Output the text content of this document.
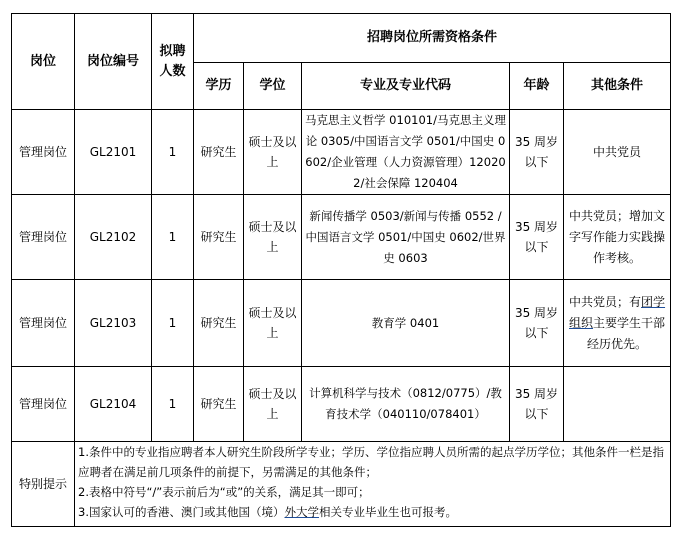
岗位	岗位编号	拟聘人数	招聘岗位所需资格条件				
			学历	学位	专业及专业代码	年龄	其他条件
管理岗位	GL2101	1	研究生	硕士及以上	马克思主义哲学 010101/马克思主义理论 0305/中国语言文学 0501/中国史 0602/企业管理（人力资源管理）120202/社会保障 120404	35 周岁以下	中共党员
管理岗位	GL2102	1	研究生	硕士及以上	新闻传播学 0503/新闻与传播 0552 /中国语言文学 0501/中国史 0602/世界史 0603	35 周岁以下	中共党员；增加文字写作能力实践操作考核。
管理岗位	GL2103	1	研究生	硕士及以上	教育学 0401	35 周岁以下	中共党员；有团学组织主要学生干部经历优先。
管理岗位	GL2104	1	研究生	硕士及以上	计算机科学与技术（0812/0775）/教育技术学（040110/078401）	35 周岁以下	
特别提示	1.条件中的专业指应聘者本人研究生阶段所学专业；学历、学位指应聘人员所需的起点学历学位；其他条件一栏是指应聘者在满足前几项条件的前提下，另需满足的其他条件；
2.表格中符号“/”表示前后为“或”的关系，满足其一即可；
3.国家认可的香港、澳门或其他国（境）外大学相关专业毕业生也可报考。						
